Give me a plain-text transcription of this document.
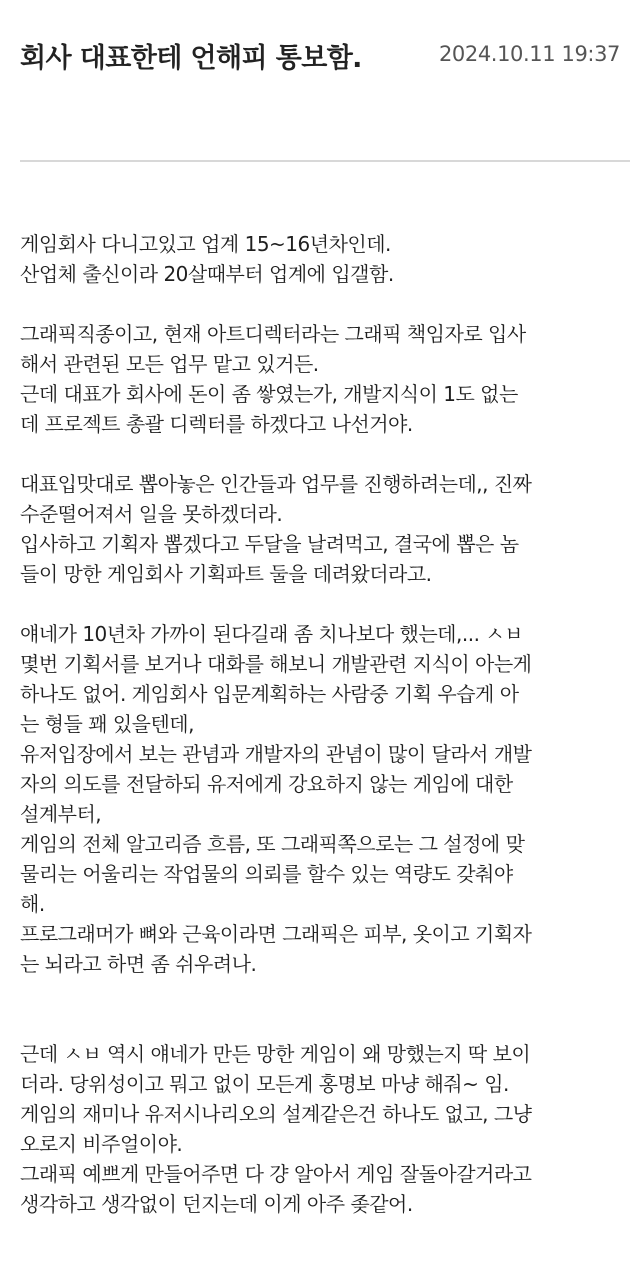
회사 대표한테 언해피 통보함.	2024.10.11 19:37
게임회사 다니고있고 업계 15~16년차인데.
산업체 출신이라 20살때부터 업계에 입갤함.

그래픽직종이고, 현재 아트디렉터라는 그래픽 책임자로 입사
해서 관련된 모든 업무 맡고 있거든.
근데 대표가 회사에 돈이 좀 쌓였는가, 개발지식이 1도 없는
데 프로젝트 총괄 디렉터를 하겠다고 나선거야.

대표입맛대로 뽑아놓은 인간들과 업무를 진행하려는데,, 진짜
수준떨어져서 일을 못하겠더라.
입사하고 기획자 뽑겠다고 두달을 날려먹고, 결국에 뽑은 놈
들이 망한 게임회사 기획파트 둘을 데려왔더라고.

얘네가 10년차 가까이 된다길래 좀 치나보다 했는데,... ㅅㅂ
몇번 기획서를 보거나 대화를 해보니 개발관련 지식이 아는게
하나도 없어. 게임회사 입문계획하는 사람중 기획 우습게 아
는 형들 꽤 있을텐데,
유저입장에서 보는 관념과 개발자의 관념이 많이 달라서 개발
자의 의도를 전달하되 유저에게 강요하지 않는 게임에 대한
설계부터,
게임의 전체 알고리즘 흐름, 또 그래픽쪽으로는 그 설정에 맞
물리는 어울리는 작업물의 의뢰를 할수 있는 역량도 갖춰야
해.
프로그래머가 뼈와 근육이라면 그래픽은 피부, 옷이고 기획자
는 뇌라고 하면 좀 쉬우려나.

근데 ㅅㅂ 역시 얘네가 만든 망한 게임이 왜 망했는지 딱 보이
더라. 당위성이고 뭐고 없이 모든게 홍명보 마냥 해줘~ 임.
게임의 재미나 유저시나리오의 설계같은건 하나도 없고, 그냥
오로지 비주얼이야.
그래픽 예쁘게 만들어주면 다 걍 알아서 게임 잘돌아갈거라고
생각하고 생각없이 던지는데 이게 아주 좆같어.
